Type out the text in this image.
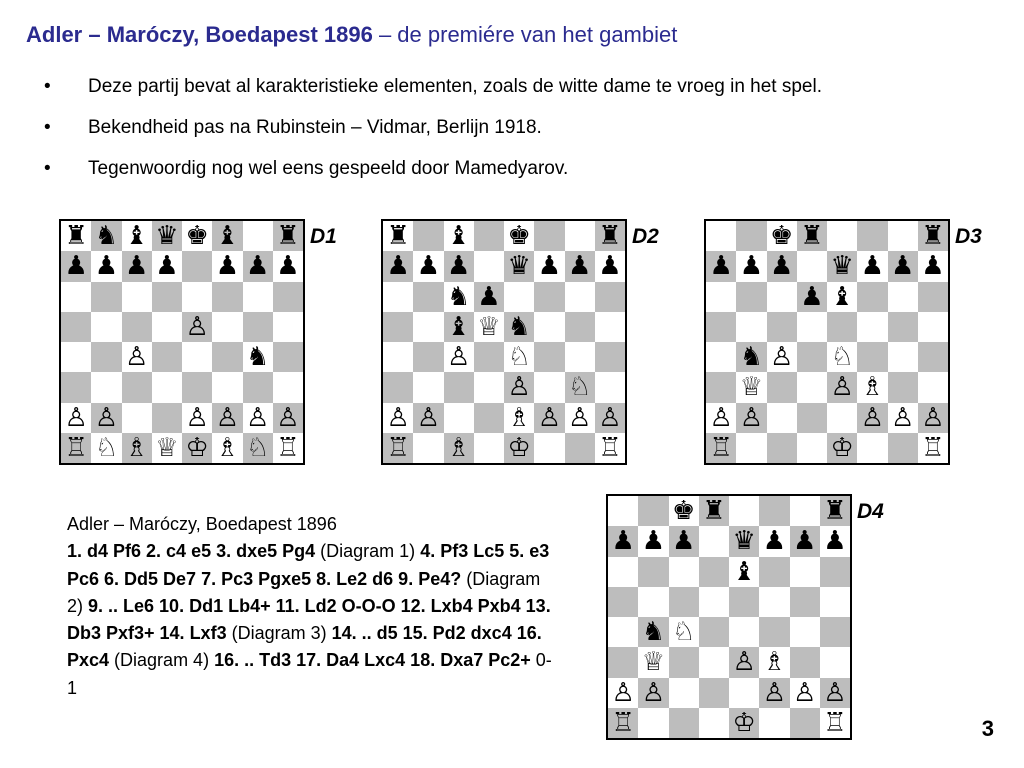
Adler – Maróczy, Boedapest 1896 – de premiére van het gambiet
• Deze partij bevat al karakteristieke elementen, zoals de witte dame te vroeg in het spel.
• Bekendheid pas na Rubinstein – Vidmar, Berlijn 1918.
• Tegenwoordig nog wel eens gespeeld door Mamedyarov.
♜ ♞ ♝ ♛ ♚ ♝ ♜
♟ ♟ ♟ ♟ ♟ ♟ ♟
♙
♙	♞
♙ ♙	♙ ♙ ♙ ♙
♖ ♘ ♗ ♕ ♔ ♗ ♘ ♖
D1 ♜ ♝ ♚	♜
♟ ♟ ♟ ♛ ♟ ♟ ♟
♞ ♟
♝ ♕ ♞
♙ ♘
♙ ♘
♙ ♙	♗ ♙ ♙ ♙
♖ ♗ ♔	♖
D2	♚ ♜	♜
♟ ♟ ♟ ♛ ♟ ♟ ♟
♟ ♝
♞ ♙ ♘
♕	♙ ♗
♙ ♙	♙ ♙ ♙
♖	♔	♖
D3
♚ ♜	♜
♟ ♟ ♟ ♛ ♟ ♟ ♟
♝
♞ ♘
♕	♙ ♗
♙ ♙	♙ ♙ ♙
♖	♔	♖
D4
Adler – Maróczy, Boedapest 1896
1. d4 Pf6 2. c4 e5 3. dxe5 Pg4 (Diagram 1) 4. Pf3 Lc5 5. e3 Pc6 6. Dd5 De7 7. Pc3 Pgxe5 8. Le2 d6 9. Pe4? (Diagram 2) 9. .. Le6 10. Dd1 Lb4+ 11. Ld2 O-O-O 12. Lxb4 Pxb4 13. Db3 Pxf3+ 14. Lxf3 (Diagram 3) 14. .. d5 15. Pd2 dxc4 16. Pxc4 (Diagram 4) 16. .. Td3 17. Da4 Lxc4 18. Dxa7 Pc2+ 0-1
3
